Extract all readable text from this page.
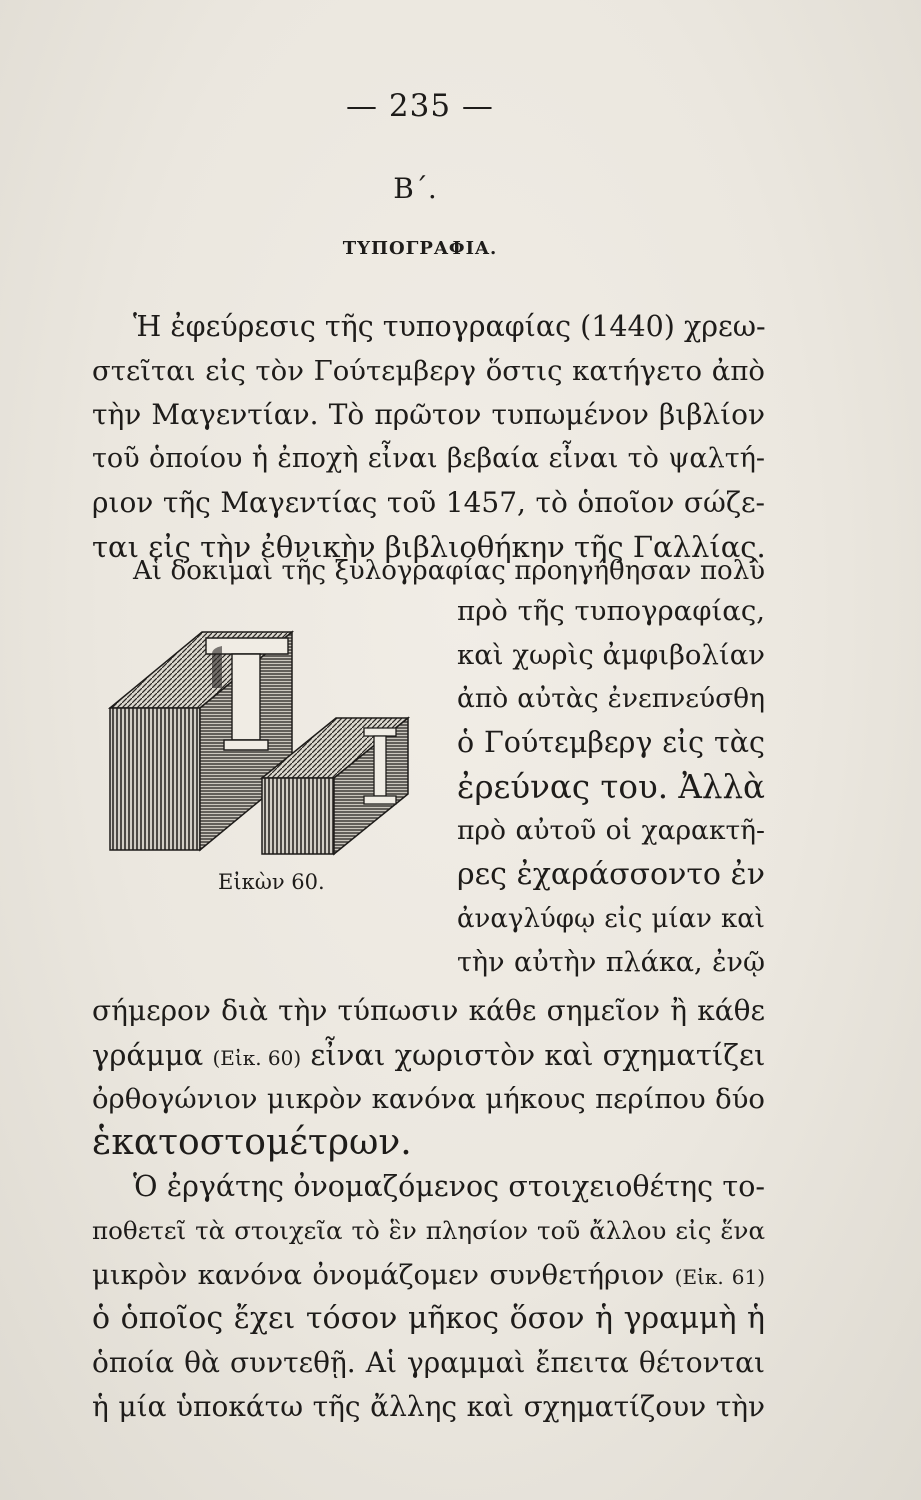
— 235 —
Β΄.
ΤΥΠΟΓΡΑΦΙΑ.
Ἡ ἐφεύρεσις τῆς τυπογραφίας (1440) χρεω-
στεῖται εἰς τὸν Γούτεμβεργ ὅστις κατήγετο ἀπὸ
τὴν Μαγεντίαν. Τὸ πρῶτον τυπωμένον βιβλίον
τοῦ ὁποίου ἡ ἐποχὴ εἶναι βεβαία εἶναι τὸ ψαλτή-
ριον τῆς Μαγεντίας τοῦ 1457, τὸ ὁποῖον σώζε-
ται εἰς τὴν ἐθνικὴν βιβλιοθήκην τῆς Γαλλίας.
Αἱ δοκιμαὶ τῆς ξυλογραφίας προηγήθησαν πολὺ
πρὸ τῆς τυπογραφίας,
καὶ χωρὶς ἀμφιβολίαν
ἀπὸ αὐτὰς ἐνεπνεύσθη
ὁ Γούτεμβεργ εἰς τὰς
ἐρεύνας του. Ἀλλὰ
πρὸ αὐτοῦ οἱ χαρακτῆ-
ρες ἐχαράσσοντο ἐν
ἀναγλύφῳ εἰς μίαν καὶ
τὴν αὐτὴν πλάκα, ἐνῷ
Εἰκὼν 60.
σήμερον διὰ τὴν τύπωσιν κάθε σημεῖον ἢ κάθε
γράμμα (Εἰκ. 60) εἶναι χωριστὸν καὶ σχηματίζει
ὀρθογώνιον μικρὸν κανόνα μήκους περίπου δύο
ἑκατοστομέτρων.
Ὁ ἐργάτης ὀνομαζόμενος στοιχειοθέτης το-
ποθετεῖ τὰ στοιχεῖα τὸ ἓν πλησίον τοῦ ἄλλου εἰς ἕνα
μικρὸν κανόνα ὀνομάζομεν συνθετήριον (Εἰκ. 61)
ὁ ὁποῖος ἔχει τόσον μῆκος ὅσον ἡ γραμμὴ ἡ
ὁποία θὰ συντεθῇ. Αἱ γραμμαὶ ἔπειτα θέτονται
ἡ μία ὑποκάτω τῆς ἄλλης καὶ σχηματίζουν τὴν
